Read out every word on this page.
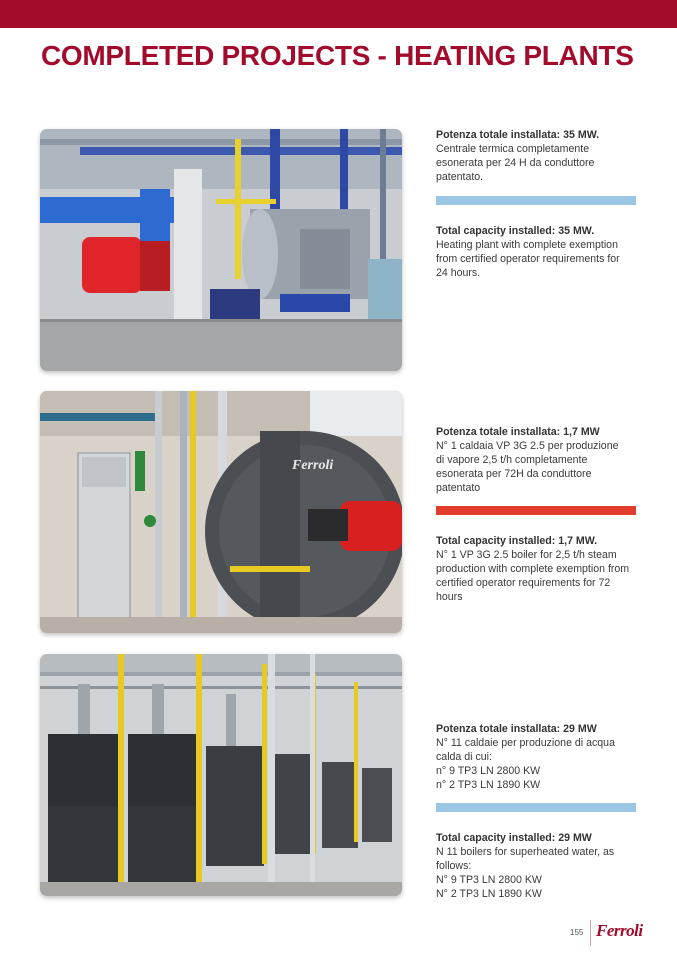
COMPLETED PROJECTS - HEATING PLANTS
Ferroli
Potenza totale installata: 35 MW.
Centrale termica completamente
esonerata per 24 H da conduttore
patentato.
Total capacity installed: 35 MW.
Heating plant with complete exemption
from certified operator requirements for
24 hours.
Potenza totale installata: 1,7 MW
N° 1 caldaia VP 3G 2.5 per produzione
di vapore 2,5 t/h completamente
esonerata per 72H da conduttore
patentato
Total capacity installed: 1,7 MW.
N° 1 VP 3G 2.5 boiler for 2,5 t/h steam
production with complete exemption from
certified operator requirements for 72
hours
Potenza totale installata: 29 MW
N° 11 caldaie per produzione di acqua
calda di cui:
n° 9 TP3 LN 2800 KW
n° 2 TP3 LN 1890 KW
Total capacity installed: 29 MW
N 11 boilers for superheated water, as
follows:
N° 9 TP3 LN 2800 KW
N° 2 TP3 LN 1890 KW
155 Ferroli
